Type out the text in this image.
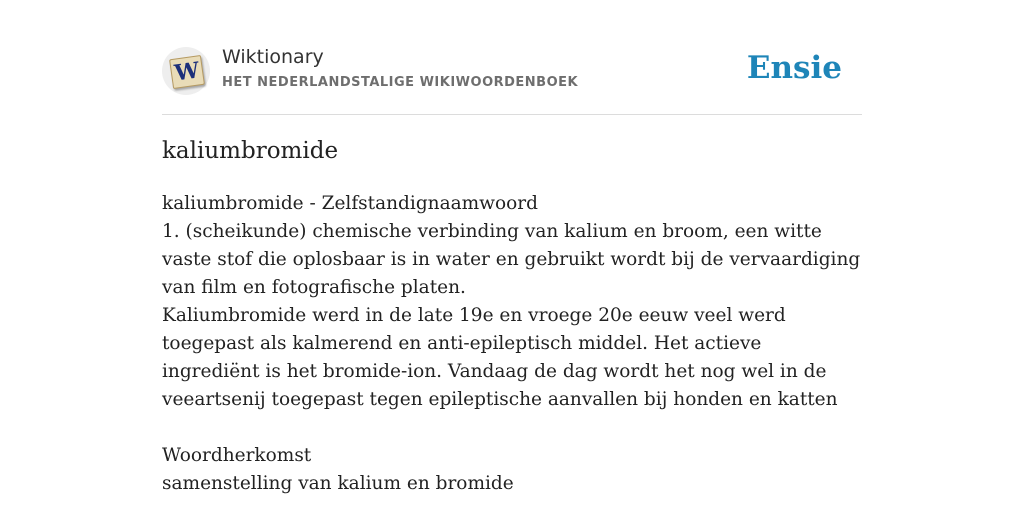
W
Wiktionary
HET NEDERLANDSTALIGE WIKIWOORDENBOEK	Ensie
kaliumbromide
kaliumbromide - Zelfstandignaamwoord
1. (scheikunde) chemische verbinding van kalium en broom, een witte vaste stof die oplosbaar is in water en gebruikt wordt bij de vervaardiging van film en fotografische platen.
Kaliumbromide werd in de late 19e en vroege 20e eeuw veel werd toegepast als kalmerend en anti-epileptisch middel. Het actieve ingrediënt is het bromide-ion. Vandaag de dag wordt het nog wel in de veeartsenij toegepast tegen epileptische aanvallen bij honden en katten
Woordherkomst
samenstelling van kalium en bromide
